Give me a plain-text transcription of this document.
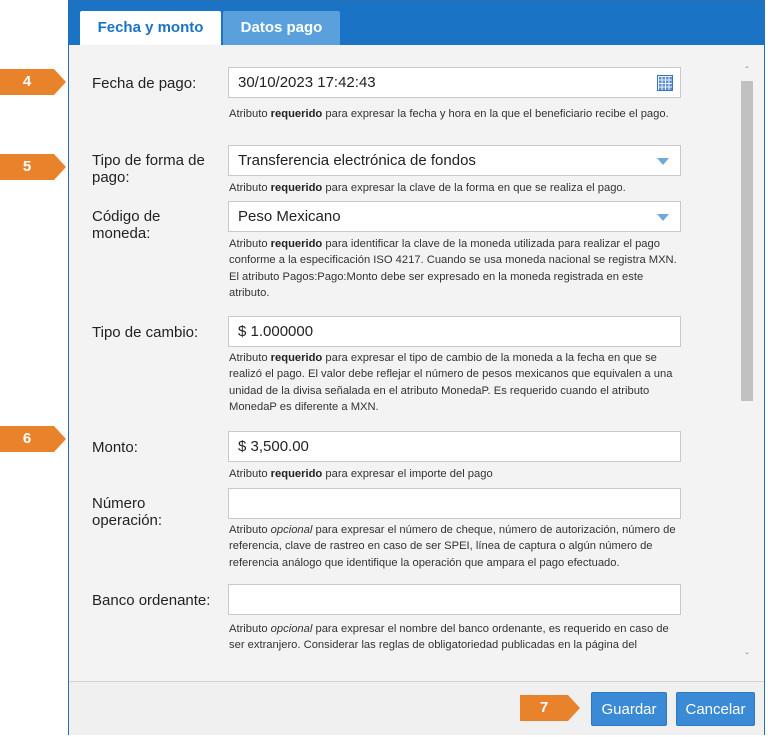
4
5
6
Fecha y monto	Datos pago
Fecha de pago:	30/10/2023 17:42:43
Atributo requerido para expresar la fecha y hora en la que el beneficiario recibe el pago.
Tipo de forma de pago:
Transferencia electrónica de fondos
Atributo requerido para expresar la clave de la forma en que se realiza el pago.
Código de moneda:
Peso Mexicano
Atributo requerido para identificar la clave de la moneda utilizada para realizar el pago conforme a la especificación ISO 4217. Cuando se usa moneda nacional se registra MXN. El atributo Pagos:Pago:Monto debe ser expresado en la moneda registrada en este atributo.
Tipo de cambio:	$ 1.000000
Atributo requerido para expresar el tipo de cambio de la moneda a la fecha en que se realizó el pago. El valor debe reflejar el número de pesos mexicanos que equivalen a una unidad de la divisa señalada en el atributo MonedaP. Es requerido cuando el atributo MonedaP es diferente a MXN.
Monto:	$ 3,500.00
Atributo requerido para expresar el importe del pago
Número operación:
Atributo opcional para expresar el número de cheque, número de autorización, número de referencia, clave de rastreo en caso de ser SPEI, línea de captura o algún número de referencia análogo que identifique la operación que ampara el pago efectuado.
Banco ordenante:
Atributo opcional para expresar el nombre del banco ordenante, es requerido en caso de ser extranjero. Considerar las reglas de obligatoriedad publicadas en la página del
ˆ
ˇ
Guardar	Cancelar
7
